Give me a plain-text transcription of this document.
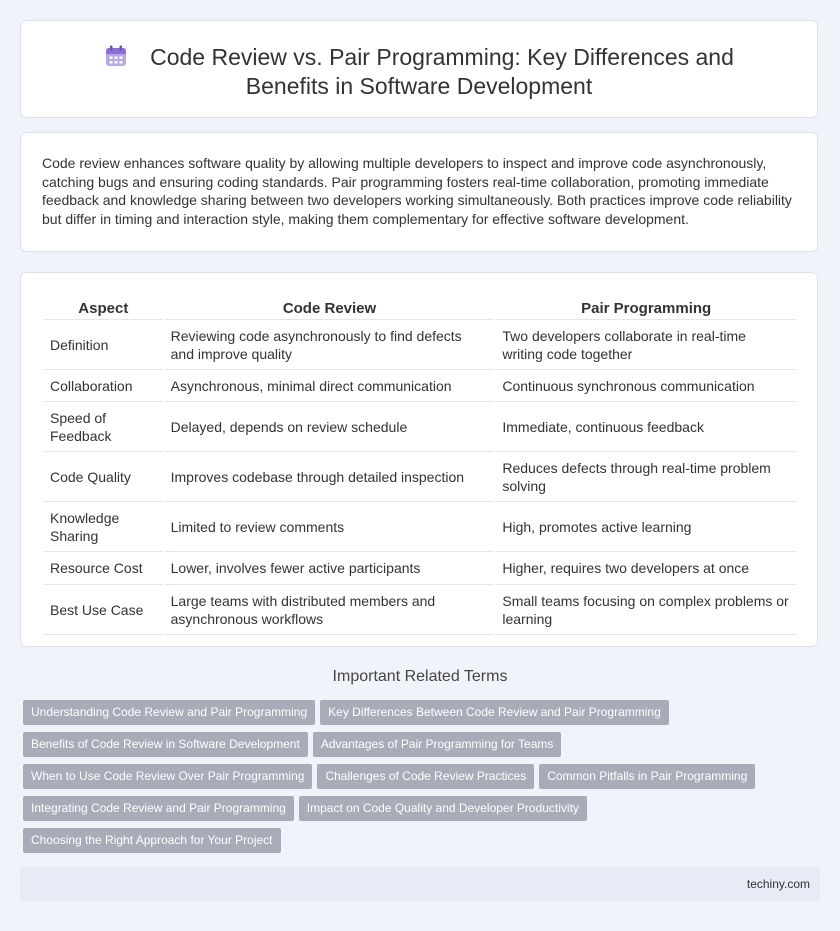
Code Review vs. Pair Programming: Key Differences and Benefits in Software Development

Code review enhances software quality by allowing multiple developers to inspect and improve code asynchronously, catching bugs and ensuring coding standards. Pair programming fosters real-time collaboration, promoting immediate feedback and knowledge sharing between two developers working simultaneously. Both practices improve code reliability but differ in timing and interaction style, making them complementary for effective software development.

Aspect	Code Review	Pair Programming
Definition	Reviewing code asynchronously to find defects and improve quality	Two developers collaborate in real-time writing code together
Collaboration	Asynchronous, minimal direct communication	Continuous synchronous communication
Speed of Feedback	Delayed, depends on review schedule	Immediate, continuous feedback
Code Quality	Improves codebase through detailed inspection	Reduces defects through real-time problem solving
Knowledge Sharing	Limited to review comments	High, promotes active learning
Resource Cost	Lower, involves fewer active participants	Higher, requires two developers at once
Best Use Case	Large teams with distributed members and asynchronous workflows	Small teams focusing on complex problems or learning
Important Related Terms
Understanding Code Review and Pair Programming Key Differences Between Code Review and Pair Programming
Benefits of Code Review in Software Development Advantages of Pair Programming for Teams
When to Use Code Review Over Pair Programming Challenges of Code Review Practices Common Pitfalls in Pair Programming
Integrating Code Review and Pair Programming Impact on Code Quality and Developer Productivity
Choosing the Right Approach for Your Project
techiny.com
